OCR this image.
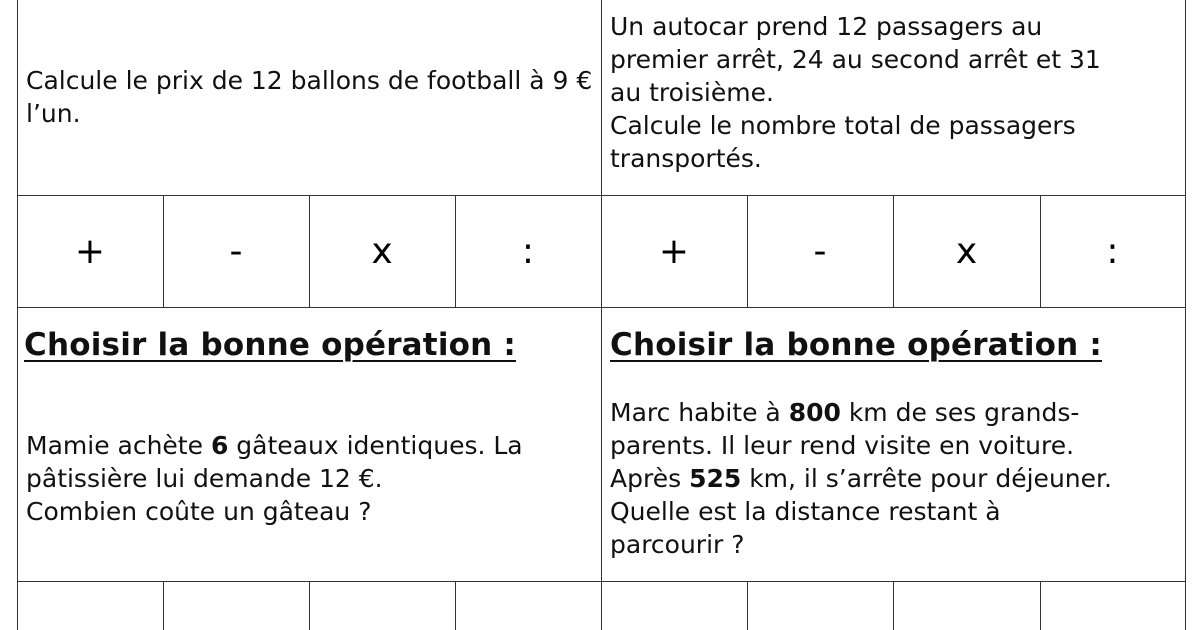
Calcule le prix de 12 ballons de football à 9 € l’un.
Un autocar prend 12 passagers au
premier arrêt, 24 au second arrêt et 31
au troisième.
Calcule le nombre total de passagers
transportés.
+	-	x	:	+	-	x	:
Choisir la bonne opération :
Mamie achète 6 gâteaux identiques. La
pâtissière lui demande 12 €.
Combien coûte un gâteau ?
Choisir la bonne opération :
Marc habite à 800 km de ses grands-
parents. Il leur rend visite en voiture.
Après 525 km, il s’arrête pour déjeuner.
Quelle est la distance restant à
parcourir ?
